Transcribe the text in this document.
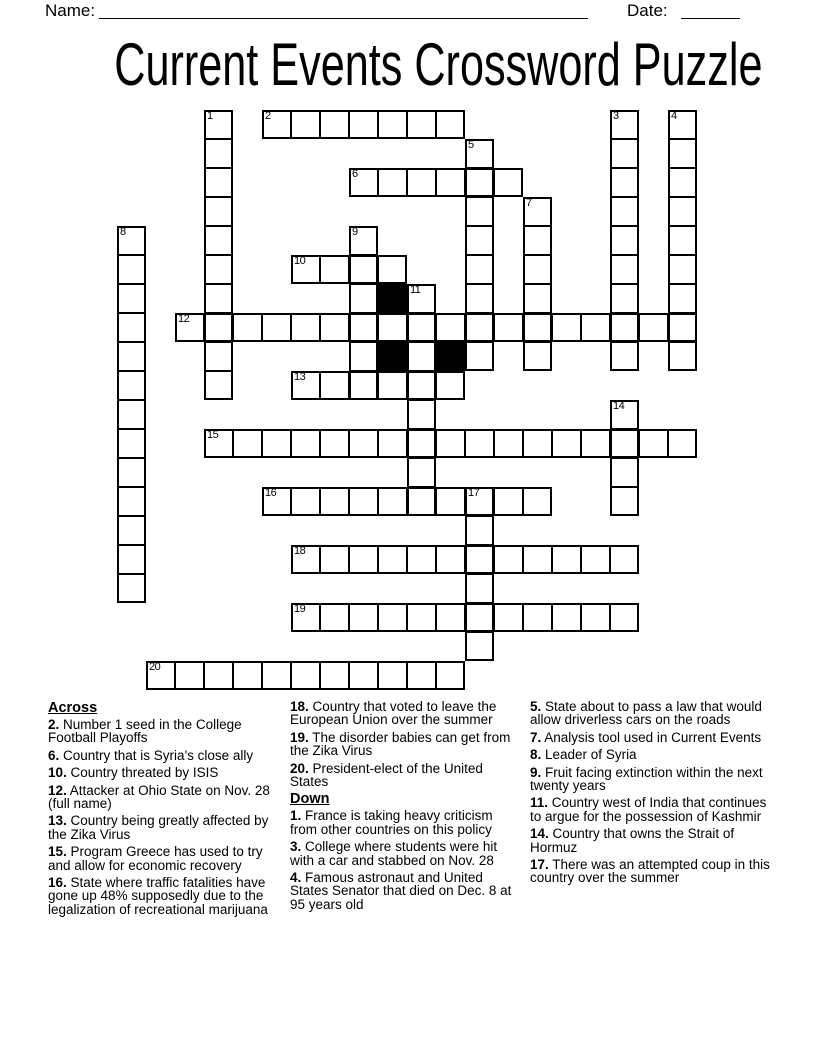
Name:	Date:
Current Events Crossword Puzzle
2
6
10
12
13
15
16	17
18
19
20
1	3	4
5
7
8	9
11
14
Across
2. Number 1 seed in the College Football Playoffs
6. Country that is Syria's close ally
10. Country threated by ISIS
12. Attacker at Ohio State on Nov. 28 (full name)
13. Country being greatly affected by the Zika Virus
15. Program Greece has used to try and allow for economic recovery
16. State where traffic fatalities have gone up 48% supposedly due to the legalization of recreational marijuana
18. Country that voted to leave the European Union over the summer
19. The disorder babies can get from the Zika Virus
20. President-elect of the United States
Down
1. France is taking heavy criticism from other countries on this policy
3. College where students were hit with a car and stabbed on Nov. 28
4. Famous astronaut and United States Senator that died on Dec. 8 at 95 years old
5. State about to pass a law that would allow driverless cars on the roads
7. Analysis tool used in Current Events
8. Leader of Syria
9. Fruit facing extinction within the next twenty years
11. Country west of India that continues to argue for the possession of Kashmir
14. Country that owns the Strait of Hormuz
17. There was an attempted coup in this country over the summer
